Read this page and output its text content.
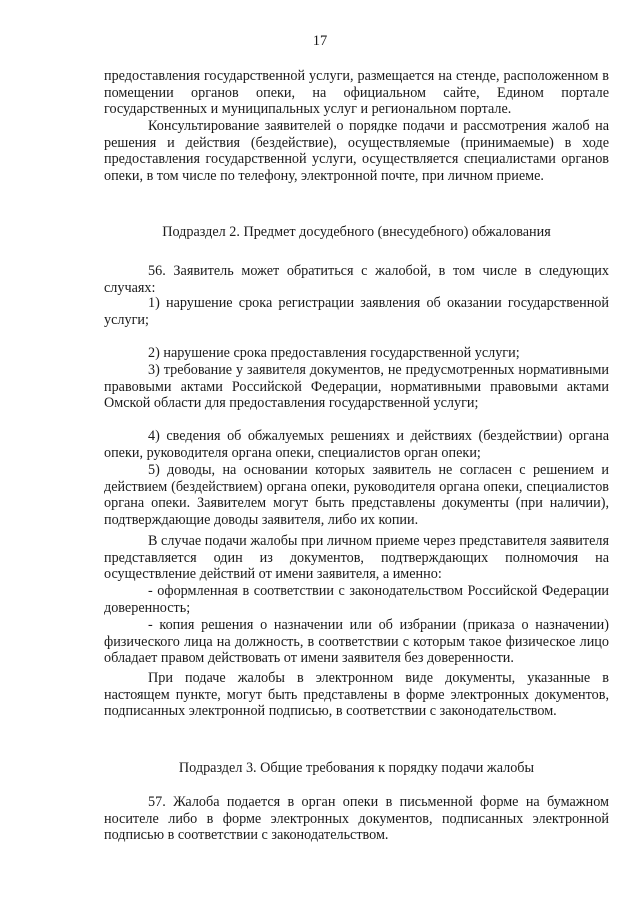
17

предоставления государственной услуги, размещается на стенде, расположенном в помещении органов опеки, на официальном сайте, Едином портале государственных и муниципальных услуг и региональном портале.

Консультирование заявителей о порядке подачи и рассмотрения жалоб на решения и действия (бездействие), осуществляемые (принимаемые) в ходе предоставления государственной услуги, осуществляется специалистами органов опеки, в том числе по телефону, электронной почте, при личном приеме.

Подраздел 2. Предмет досудебного (внесудебного) обжалования

56. Заявитель может обратиться с жалобой, в том числе в следующих случаях:

1) нарушение срока регистрации заявления об оказании государственной услуги;

2) нарушение срока предоставления государственной услуги;

3) требование у заявителя документов, не предусмотренных нормативными правовыми актами Российской Федерации, нормативными правовыми актами Омской области для предоставления государственной услуги;

4) сведения об обжалуемых решениях и действиях (бездействии) органа опеки, руководителя органа опеки, специалистов орган опеки;

5) доводы, на основании которых заявитель не согласен с решением и действием (бездействием) органа опеки, руководителя органа опеки, специалистов органа опеки. Заявителем могут быть представлены документы (при наличии), подтверждающие доводы заявителя, либо их копии.

В случае подачи жалобы при личном приеме через представителя заявителя представляется один из документов, подтверждающих полномочия на осуществление действий от имени заявителя, а именно:

- оформленная в соответствии с законодательством Российской Федерации доверенность;

- копия решения о назначении или об избрании (приказа о назначении) физического лица на должность, в соответствии с которым такое физическое лицо обладает правом действовать от имени заявителя без доверенности.

При подаче жалобы в электронном виде документы, указанные в настоящем пункте, могут быть представлены в форме электронных документов, подписанных электронной подписью, в соответствии с законодательством.

Подраздел 3. Общие требования к порядку подачи жалобы

57. Жалоба подается в орган опеки в письменной форме на бумажном носителе либо в форме электронных документов, подписанных электронной подписью в соответствии с законодательством.
